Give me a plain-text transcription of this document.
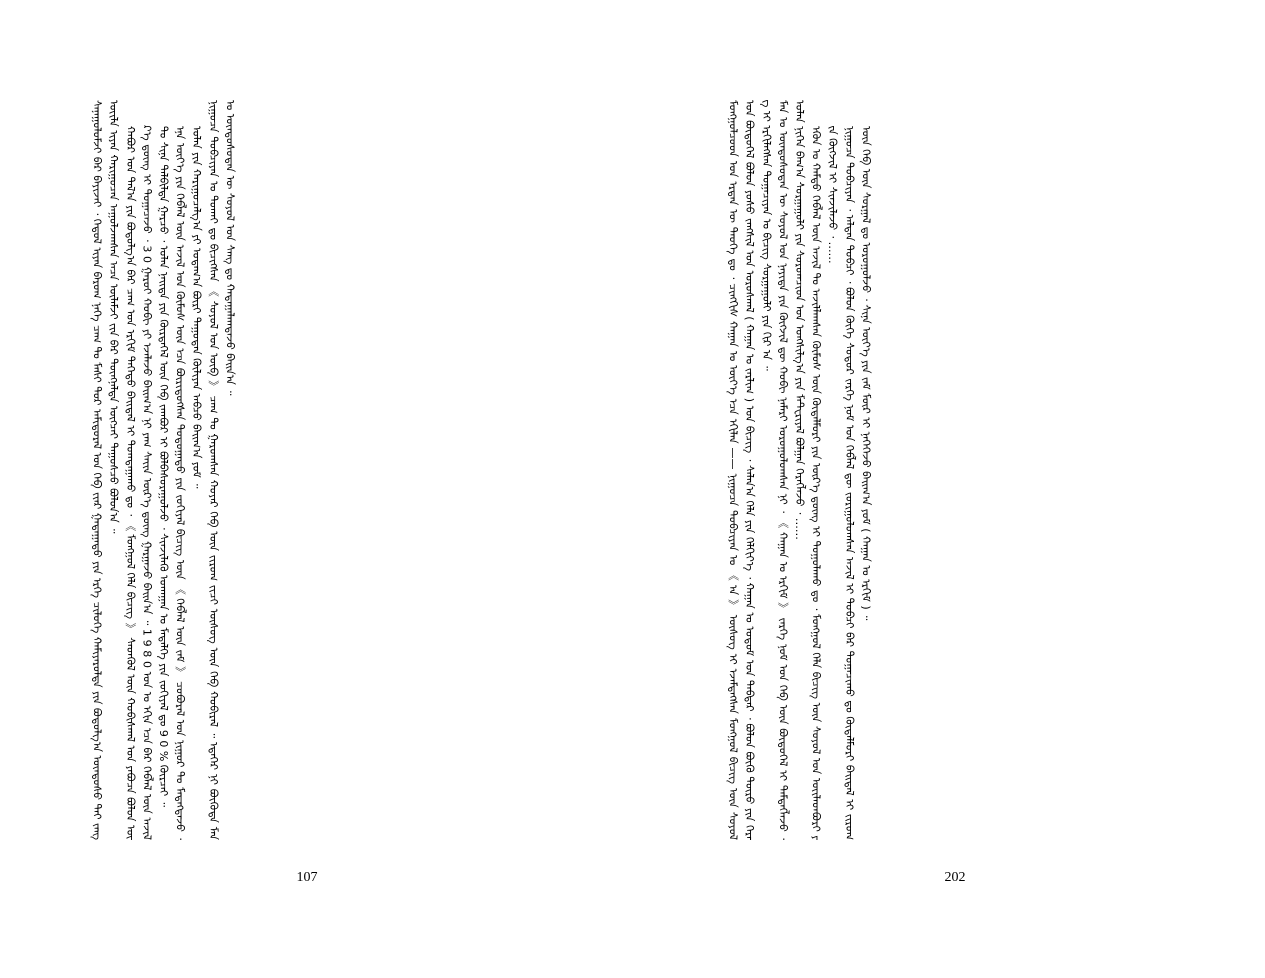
ᠰᠠᠨᠠᠭᠤᠯᠤᠮᠵᠢ ᠪᠠᠷ ᠪᠠᠶᠢᠵᠠᠢ ᠂ ᠬᠡᠳᠦᠯ ᠢᠶᠡᠨ ᠪᠠᠷᠤᠭ ᠨᠡᠭᠡ ᠴᠠᠭ ᠲᠤ ᠮᠠᠰᠢ ᠳᠤᠷ ᠠᠮᠢᠳᠤᠷᠠᠯ ᠤᠨ ᠬᠡᠪ ᠵᠢᠡᠷ ᠭᠠᠳᠠᠭᠠᠳᠤ ᠶᠢᠨ ᠡᠷᠬᠡ ᠴᠢᠯᠦᠭᠡ ᠬᠠᠮᠢᠶᠠᠷᠤᠯᠲᠠ ᠶᠢᠨ ᠪᠣᠳᠣᠯᠭ᠎ᠠ ᠦᠨᠳᠦᠰᠦ ᠲᠡᠢ ᠵᠠᠩ ᠦᠢᠯᠡ ᠢᠶᠡᠨ ᠬᠠᠷᠢᠭᠤᠴᠠᠨ ᠠᠭᠤᠯᠵᠠᠭᠰᠠᠨ ᠠᠴᠠ ᠦᠯᠡᠮᠵᠢ ᠵᠢᠨ ᠪᠡᠷ ᠳᠦᠩᠨᠡᠯᠲᠡ ᠥᠭᠴᠡᠢ ᠳᠠᠭᠤᠰᠴᠤ ᠪᠣᠯᠤᠨ᠎ᠠ ᠃ ᠬᠠᠪᠤᠷ ᠤᠨ ᠲᠠᠯ᠎ᠠ ᠶᠢᠨ ᠪᠣᠳᠣᠯᠭ᠎ᠠ ᠪᠡᠷ ᠴᠠᠭ ᠤᠨ ᠡᠷᠬᠢᠮ ᠳᠡᠭᠡᠳᠦ ᠪᠠᠢᠳᠠᠯ ᠢ ᠲᠣᠭᠲᠠᠭᠠᠬᠤ ᠳᠤ ᠂ 《 ᠮᠣᠩᠭᠣᠯ ᠬᠡᠯᠡ ᠪᠢᠴᠢᠭ 》 ᠰᠡᠳᠬᠦᠯ ᠦᠨ ᠬᠤᠪᠢᠰᠬᠠᠯ ᠤᠨ ᠶᠠᠪᠤᠴᠠ ᠪᠣᠯᠤᠨ ᠦᠷ᠎ᠡ ᠳ᠋ᠦᠩ ᠢ ᠲᠣᠭᠠᠴᠠᠵᠤ ᠂ 3 0 ᠭᠠᠷᠤᠢ ᠬᠤᠪᠢ ᠶᠢ ᠡᠵᠡᠯᠡᠵᠦ ᠪᠠᠢᠭ᠎ᠠ ᠨᠢ ᠶᠠᠭ ᠰᠠᠶ᠋ᠢᠨ ᠦᠷ᠎ᠡ ᠳ᠋ᠦᠩ ᠭᠠᠷᠭᠠᠵᠤ ᠪᠠᠢᠨ᠎ᠠ ᠃ 1 9 8 0 ᠣᠨ ᠤ ᠡᠬᠢᠨ ᠡᠴᠡ ᠪᠡᠷ ᠬᠡᠪᠯᠡᠯ ᠦᠨ ᠠᠵᠢᠯ ᠲᠤ ᠰᠢᠨᠡ ᠲᠠᠯᠪᠢᠯᠲᠠ ᠭᠠᠷᠴᠤ ᠂ ᠣᠯᠠᠨ ᠨᠡᠢᠲᠡ ᠶᠢᠨ ᠬᠦᠷᠲᠡᠭᠡᠯ ᠦᠨ ᠬᠡᠪ ᠵᠠᠭᠪᠤᠷ ᠢ ᠪᠣᠯᠪᠠᠰᠤᠷᠠᠭᠤᠯᠵᠤ ᠂ ᠰᠢᠨᠵᠢᠯᠡᠬᠦ ᠤᠬᠠᠭᠠᠨ ᠤ ᠮᠡᠳᠡᠯᠭᠡ ᠶᠢᠨ ᠵᠣᠬᠢᠶᠠᠯ ᠳᠤ 9 0 % ᠬᠦᠷᠴᠡᠢ ᠃ ᠡᠨᠡ ᠦᠶ᠎ᠡ ᠶᠢᠨ ᠬᠡᠪᠯᠡᠯ ᠦᠨ ᠠᠵᠢᠯ ᠤᠨ ᠬᠦᠮᠦᠰ ᠦᠨ ᠡᠴᠡ ᠪᠦᠷᠢᠳᠦᠭᠰᠡᠨ ᠳᠣᠲᠣᠭᠠᠳᠤ ᠶᠢᠨ ᠵᠣᠬᠢᠶᠠᠯ ᠪᠢᠴᠢᠭ ᠦᠨ 《 ᠬᠡᠪᠯᠡᠯ ᠦᠨ ᠵᠠᠮ 》 ᠴᠣᠪᠣᠷᠠᠯ ᠤᠨ ᠨᠢᠭᠤᠷ ᠲᠤ ᠮᠡᠳᠡᠭᠳᠡᠵᠦ ᠂ ᠣᠯᠠᠨ ᠶᠢᠨ ᠬᠠᠷᠢᠭᠤᠴᠠᠯᠭ᠎ᠠ ᠶᠢ ᠤᠳᠠᠭ᠎ᠠ ᠪᠦᠷᠢ ᠳᠠᠭᠤᠳᠠᠨ ᠬᠦᠯᠢᠶᠡᠨ ᠠᠪᠴᠤ ᠪᠠᠢᠭ᠎ᠠ ᠶᠤᠮ ᠃ ᠨᠢᠭᠤᠴᠠ ᠲᠣᠪᠴᠢᠶᠠᠨ ᠤ ᠲᠤᠬᠠᠢ ᠳᠤ ᠪᠢᠴᠢᠭᠰᠡᠨ 《 ᠰᠣᠶᠣᠯ ᠤᠨ ᠥᠪ 》 ᠴᠠᠭ ᠲᠤ ᠭᠠᠷᠤᠭᠰᠠᠨ ᠬᠣᠶᠠᠷ ᠬᠡᠪ ᠦᠨ ᠵᠢᠷᠤᠭ ᠵᠢᠴᠢ ᠦᠰᠦᠭ ᠦᠨ ᠬᠡᠪ ᠬᠤᠪᠢᠷᠠᠯ ᠃ ᠡᠳᠡᠭᠡᠷ ᠨᠢ ᠪᠦᠭᠦᠳᠡ ᠮᠠᠨ ᠤ ᠦᠨᠳᠦᠰᠦᠲᠡᠨ ᠦ ᠰᠣᠶᠣᠯ ᠤᠨ ᠰᠠᠩ ᠳᠤ ᠬᠠᠳᠠᠭᠠᠯᠠᠭᠳᠠᠵᠤ ᠪᠠᠢᠨ᠎ᠠ ᠃

107

ᠮᠣᠩᠭᠣᠯᠴᠤᠳ ᠤᠨ ᠡᠷᠲᠡᠨ ᠦ ᠲᠡᠦᠬᠡ ᠳᠤ ᠂ ᠴᠢᠩᠭᠢᠰ ᠬᠠᠭᠠᠨ ᠤ ᠦᠶ᠎ᠡ ᠡᠴᠡ ᠡᠬᠢᠯᠡᠨ —— ᠨᠢᠭᠤᠴᠠ ᠲᠣᠪᠴᠢᠶᠠᠨ ᠤ 《 ᠠ 》 ᠦᠰᠦᠭ ᠢ ᠡᠵᠡᠮᠳᠡᠭᠰᠡᠨ ᠮᠣᠩᠭᠣᠯ ᠪᠢᠴᠢᠭ ᠦᠨ ᠰᠣᠶᠣᠯ ᠤᠨ ᠪᠦᠲᠦᠭᠡᠯ ᠪᠣᠯᠤᠨ ᠶᠣᠰᠤ ᠵᠠᠩᠰᠢᠯ ᠤᠨ ᠤᠷᠤᠰᠬᠠᠯ ( ᠬᠠᠭᠠᠨ ᠤ ᠵᠠᠷᠯᠢᠭ ) ᠤᠨ ᠪᠢᠴᠢᠭ ᠂ ᠰᠠᠯᠠᠨ᠎ᠠ ᠬᠡᠯᠡ ᠶᠢᠨ ᠬᠡᠯᠬᠢᠶ᠎ᠡ ᠂ ᠬᠠᠭᠠᠨ ᠤ ᠤᠳᠤᠮ ᠤᠨ ᠳᠡᠪᠲᠡᠷ ᠂ ᠪᠣᠯᠤᠨ ᠪᠦᠬᠦ ᠲᠥᠷᠦ ᠶᠢᠨ ᠬᠡᠷᠡᠭ ᠢ ᠡᠷᠬᠢᠯᠡᠭᠰᠡᠨ ᠲᠣᠭᠠᠴᠢᠶᠠᠨ ᠤ ᠪᠢᠴᠢᠭ ᠰᠤᠷᠭᠠᠭᠤᠯᠢ ᠶᠢᠨ ᠬᠢᠷ ᠠ ᠃ ᠮᠠᠨ ᠤ ᠦᠨᠳᠦᠰᠦᠲᠡᠨ ᠦ ᠰᠣᠶᠣᠯ ᠤᠨ ᠨᠡᠶᠢᠲᠡ ᠶᠢᠨ ᠬᠥᠭᠵᠢᠯ ᠳᠦ ᠬᠤᠪᠢ ᠨᠡᠮᠡᠷᠢ ᠣᠷᠣᠭᠤᠯᠤᠭᠰᠠᠨ ᠨᠢ ᠂ 《 ᠬᠠᠭᠠᠨ ᠤ ᠡᠷᠬᠢᠮ 》 ᠵᠡᠷᠭᠡ ᠨᠣᠮ ᠤᠨ ᠬᠡᠪ ᠦᠨ ᠪᠦᠲᠦᠭᠡᠯ ᠢ ᠲᠡᠮᠳᠡᠭᠯᠡᠵᠦ ᠂ ᠣᠯᠠᠨ ᠨᠢᠭᠡᠨ ᠪᠠᠭ᠎ᠠ ᠰᠤᠷᠭᠠᠭᠤᠯᠢ ᠶᠢᠨ ᠰᠤᠷᠤᠭᠴᠢᠳ ᠤᠨ ᠤᠩᠰᠢᠯᠭ᠎ᠠ ᠶᠢᠨ ᠮᠠᠲ᠋ᠧᠷᠢᠶᠠᠯ ᠪᠣᠯᠭᠠᠨ ᠬᠡᠷᠡᠭᠯᠡᠵᠦ ᠂ …… ᠡᠭᠦᠨ ᠤ ᠬᠠᠮᠲᠤ ᠬᠡᠪᠯᠡᠯ ᠦᠨ ᠠᠵᠢᠯ ᠲᠤ ᠠᠵᠢᠯᠯᠠᠭᠰᠠᠨ ᠬᠦᠮᠦᠰ ᠦᠨ ᠬᠥᠳᠡᠯᠮᠦᠷᠢ ᠶᠢᠨ ᠦᠷ᠎ᠡ ᠳ᠋ᠦᠩ ᠢ ᠲᠣᠭᠣᠯᠠᠬᠤ ᠳᠤ ᠂ ᠮᠣᠩᠭᠣᠯ ᠬᠡᠯᠡ ᠪᠢᠴᠢᠭ ᠦᠨ ᠰᠣᠶᠣᠯ ᠤᠨ ᠦᠢᠯᠡᠳᠪᠦᠷᠢ ᠶᠢᠨ ᠬᠥᠭᠵᠢᠯ ᠢ ᠰᠢᠨᠵᠢᠯᠡᠵᠦ ᠂ …… ᠨᠢᠭᠤᠴᠠ ᠲᠣᠪᠴᠢᠶᠠᠨ ᠂ ᠠᠯᠲᠠᠨ ᠲᠣᠪᠴᠢ ᠂ ᠪᠣᠯᠤᠨ ᠬᠥᠬᠡ ᠰᠣᠳᠤᠷ ᠵᠡᠷᠭᠡ ᠨᠣᠮ ᠤᠨ ᠬᠡᠪᠯᠡᠯ ᠳᠦ ᠵᠣᠷᠢᠭᠤᠯᠤᠭᠰᠠᠨ ᠠᠵᠢᠯ ᠢ ᠲᠣᠪᠴᠢ ᠪᠡᠷ ᠲᠣᠭᠠᠴᠢᠬᠤ ᠳᠤ ᠬᠥᠳᠡᠯᠮᠦᠷᠢ ᠪᠠᠢᠳᠠᠯ ᠢ ᠵᠢᠷᠤᠭ ᠦᠨ ᠬᠡᠪ ᠦᠨ ᠰᠤᠷᠭᠠᠯ ᠳᠤ ᠣᠷᠣᠭᠤᠯᠵᠤ ᠂ ᠰᠢᠨᠡ ᠦᠶ᠎ᠡ ᠶᠢᠨ ᠵᠠᠮ ᠮᠥᠷ ᠢ ᠨᠡᠭᠡᠭᠡᠵᠦ ᠪᠠᠢᠭ᠎ᠠ ᠶᠤᠮ ( ᠬᠠᠭᠠᠨ ᠤ ᠡᠷᠬᠢᠮ ) ᠃

202
